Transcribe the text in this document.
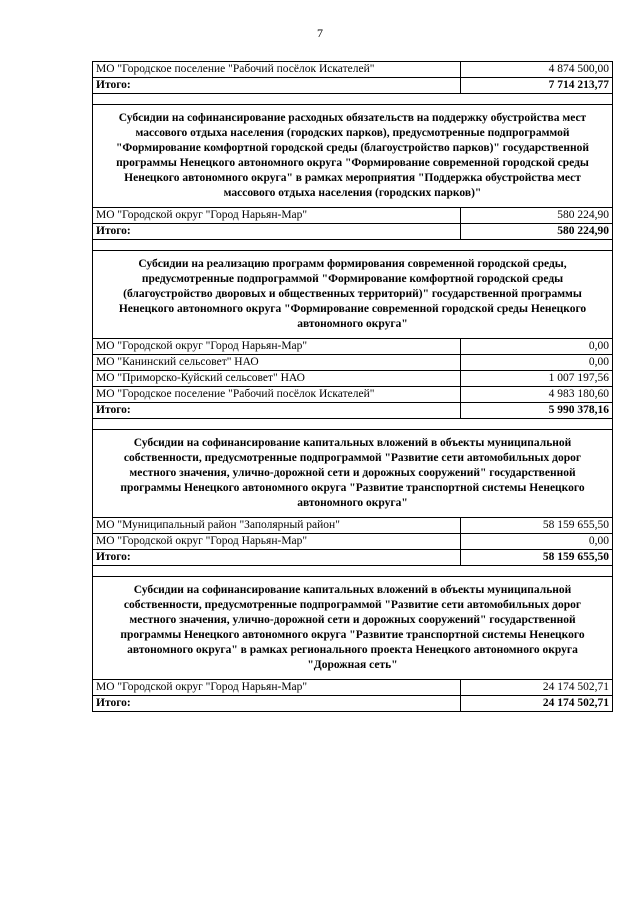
7
МО "Городское поселение "Рабочий посёлок Искателей"	4 874 500,00
Итого:	7 714 213,77

Субсидии на софинансирование расходных обязательств на поддержку обустройства мест массового отдыха населения (городских парков), предусмотренные подпрограммой "Формирование комфортной городской среды (благоустройство парков)" государственной программы Ненецкого автономного округа "Формирование современной городской среды Ненецкого автономного округа" в рамках мероприятия "Поддержка обустройства мест массового отдыха населения (городских парков)"	
МО "Городской округ "Город Нарьян-Мар"	580 224,90
Итого:	580 224,90

Субсидии на реализацию программ формирования современной городской среды, предусмотренные подпрограммой "Формирование комфортной городской среды (благоустройство дворовых и общественных территорий)" государственной программы Ненецкого автономного округа "Формирование современной городской среды Ненецкого автономного округа"	
МО "Городской округ "Город Нарьян-Мар"	0,00
МО "Канинский сельсовет" НАО	0,00
МО "Приморско-Куйский сельсовет" НАО	1 007 197,56
МО "Городское поселение "Рабочий посёлок Искателей"	4 983 180,60
Итого:	5 990 378,16

Субсидии на софинансирование капитальных вложений в объекты муниципальной собственности, предусмотренные подпрограммой "Развитие сети автомобильных дорог местного значения, улично-дорожной сети и дорожных сооружений" государственной программы Ненецкого автономного округа "Развитие транспортной системы Ненецкого автономного округа"	
МО "Муниципальный район "Заполярный район"	58 159 655,50
МО "Городской округ "Город Нарьян-Мар"	0,00
Итого:	58 159 655,50

Субсидии на софинансирование капитальных вложений в объекты муниципальной собственности, предусмотренные подпрограммой "Развитие сети автомобильных дорог местного значения, улично-дорожной сети и дорожных сооружений" государственной программы Ненецкого автономного округа "Развитие транспортной системы Ненецкого автономного округа" в рамках регионального проекта Ненецкого автономного округа "Дорожная сеть"	
МО "Городской округ "Город Нарьян-Мар"	24 174 502,71
Итого:	24 174 502,71
